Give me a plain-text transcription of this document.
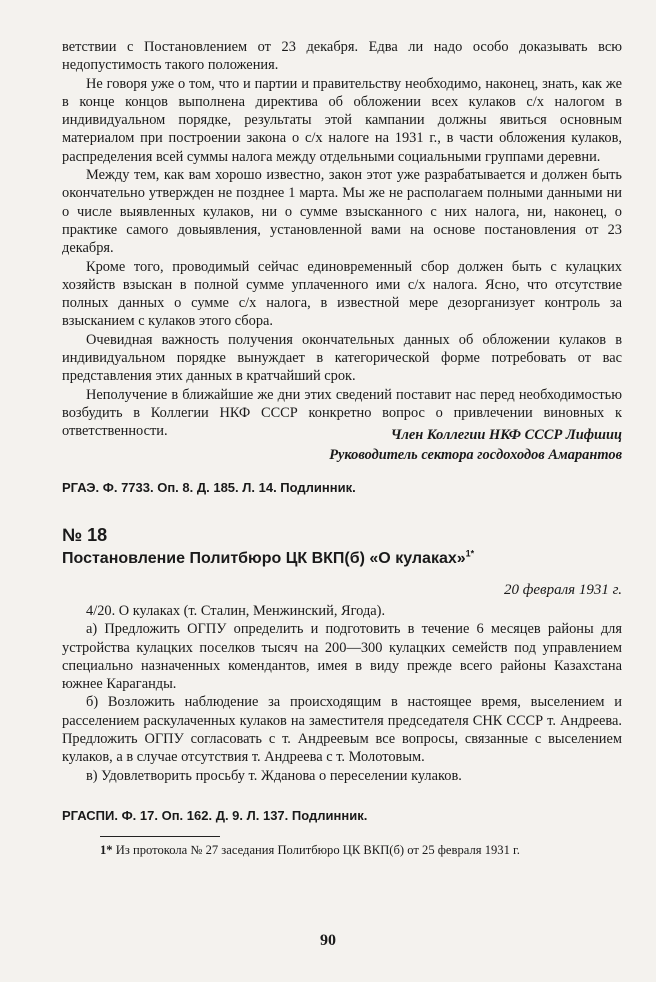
ветствии с Постановлением от 23 декабря. Едва ли надо особо доказывать всю недопустимость такого положения.

Не говоря уже о том, что и партии и правительству необходимо, наконец, знать, как же в конце концов выполнена директива об обложении всех кулаков с/х налогом в индивидуальном порядке, результаты этой кампании должны явиться основным материалом при построении закона о с/х налоге на 1931 г., в части обложения кулаков, распределения всей суммы налога между отдельными социальными группами деревни.

Между тем, как вам хорошо известно, закон этот уже разрабатывается и должен быть окончательно утвержден не позднее 1 марта. Мы же не располагаем полными данными ни о числе выявленных кулаков, ни о сумме взысканного с них налога, ни, наконец, о практике самого довыявления, установленной вами на основе постановления от 23 декабря.

Кроме того, проводимый сейчас единовременный сбор должен быть с кулацких хозяйств взыскан в полной сумме уплаченного ими с/х налога. Ясно, что отсутствие полных данных о сумме с/х налога, в известной мере дезорганизует контроль за взысканием с кулаков этого сбора.

Очевидная важность получения окончательных данных об обложении кулаков в индивидуальном порядке вынуждает в категорической форме потребовать от вас представления этих данных в кратчайший срок.

Неполучение в ближайшие же дни этих сведений поставит нас перед необходимостью возбудить в Коллегии НКФ СССР конкретно вопрос о привлечении виновных к ответственности.	Член Коллегии НКФ СССР Лифшиц
Руководитель сектора госдоходов Амарантов
РГАЭ. Ф. 7733. Оп. 8. Д. 185. Л. 14. Подлинник.
№ 18
Постановление Политбюро ЦК ВКП(б) «О кулаках»$^{1*}$
20 февраля 1931 г.

4/20. О кулаках (т. Сталин, Менжинский, Ягода).

а) Предложить ОГПУ определить и подготовить в течение 6 месяцев районы для устройства кулацких поселков тысяч на 200—300 кулацких семейств под управлением специально назначенных комендантов, имея в виду прежде всего районы Казахстана южнее Караганды.

б) Возложить наблюдение за происходящим в настоящее время, выселением и расселением раскулаченных кулаков на заместителя председателя СНК СССР т. Андреева. Предложить ОГПУ согласовать с т. Андреевым все вопросы, связанные с выселением кулаков, а в случае отсутствия т. Андреева с т. Молотовым.

в) Удовлетворить просьбу т. Жданова о переселении кулаков.

РГАСПИ. Ф. 17. Оп. 162. Д. 9. Л. 137. Подлинник.
1* Из протокола № 27 заседания Политбюро ЦК ВКП(б) от 25 февраля 1931 г.
90
